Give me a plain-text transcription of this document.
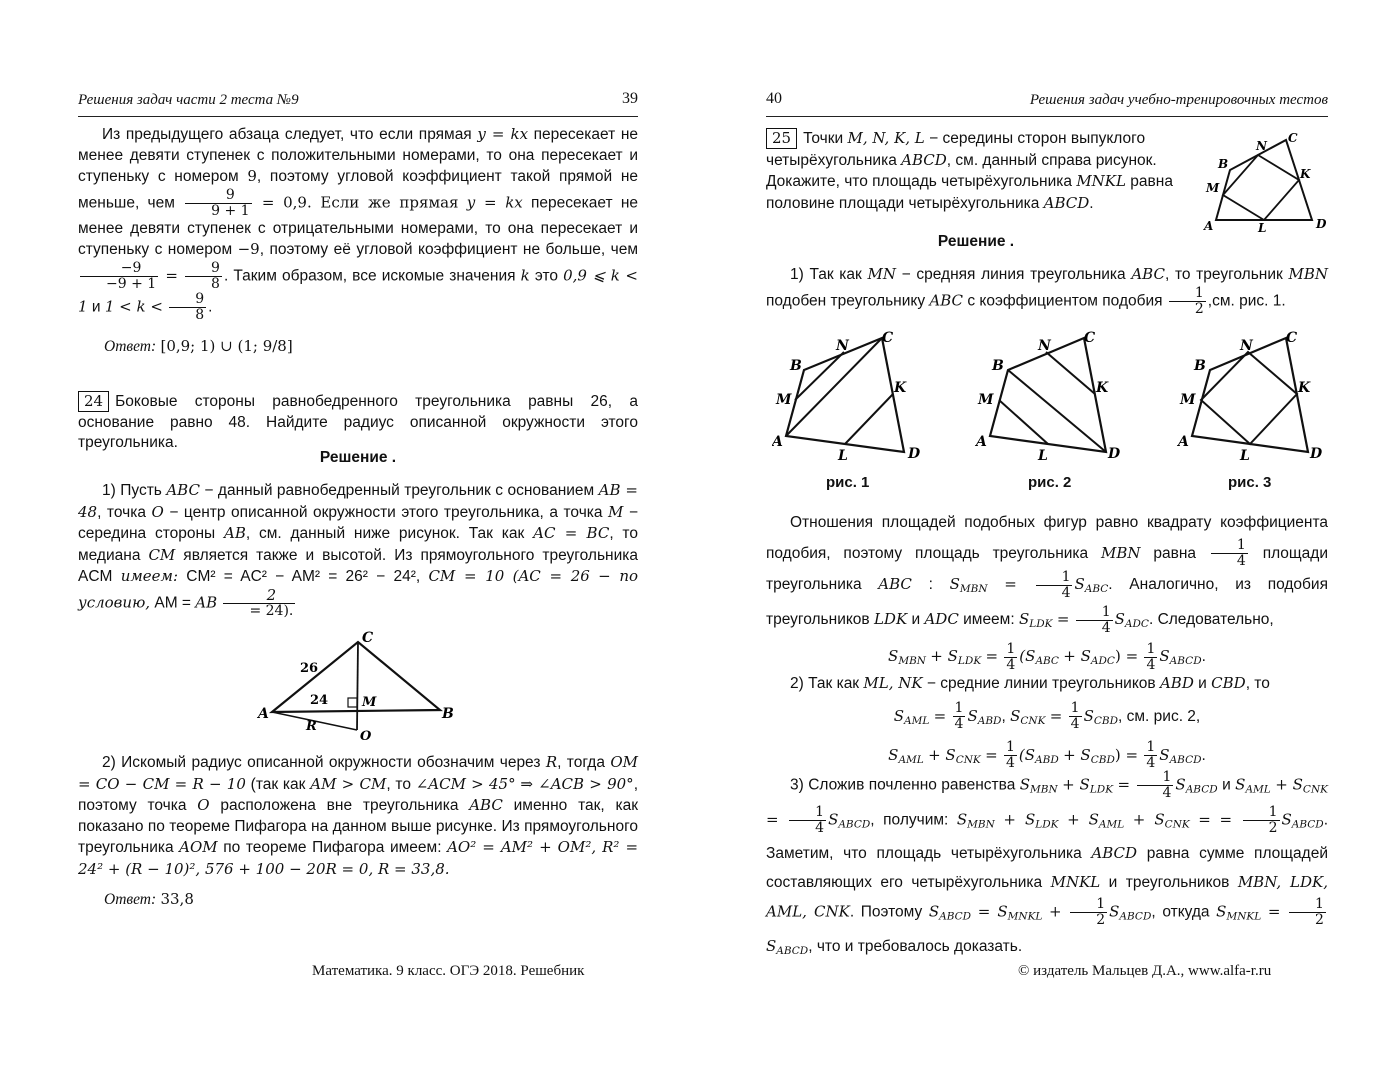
Решения задач части 2 теста №9	39

Из предыдущего абзаца следует, что если прямая y = kx пересекает не менее девяти ступенек с положительными номерами, то она пересекает и ступеньку с номером 9, поэтому угловой коэффициент такой прямой не меньше, чем $\frac{9}{9 + 1} = 0,9$. Если же прямая y = kx пересекает не менее девяти ступенек с отрицательными номерами, то она пересекает и ступеньку с номером −9, поэтому её угловой коэффициент не больше, чем
$\frac{-9}{-9 + 1} = \frac{9}{8}$ . Таким образом, все искомые значения k это 0,9 ⩽ k < 1 и $1 < k < \frac{9}{8}$ .

Ответ: [0,9; 1) ∪ (1; 9/8]

24 Боковые стороны равнобедренного треугольника равны 26, а основание равно 48. Найдите радиус описанной окружности этого треугольника.

Решение .

1) Пусть ABC − данный равнобедренный треугольник с основанием AB = 48, точка O − центр описанной окружности этого треугольника, а точка M − середина стороны AB, см. данный ниже рисунок. Так как AC = BC, то медиана CM является также и высотой. Из прямоугольного треугольника ACM имеем: CM² = AC² − AM² = 26² − 24², CM = 10 (AC = 26 − по условию, AM = AB $\frac{2}{= 24).}$

C
A	B
M
O
R
26
24

2) Искомый радиус описанной окружности обозначим через R, тогда OM = CO − CM = R − 10 (так как AM > CM, то ∠ACM > 45° ⇒ ∠ACB > 90°, поэтому точка O расположена вне треугольника ABC именно так, как показано по теореме Пифагора на данном выше рисунке. Из прямоугольного треугольника AOM по теореме Пифагора имеем: AO² = AM² + OM², R² = 24² + (R − 10)², 576 + 100 − 20R = 0, R = 33,8.

Ответ: 33,8
Математика. 9 класс. ОГЭ 2018. Решебник
40	Решения задач учебно-тренировочных тестов

25 Точки M, N, K, L − середины сторон выпуклого четырёхугольника ABCD, см. данный справа рисунок. Докажите, что площадь четырёхугольника MNKL равна половине площади четырёхугольника ABCD.

A
B
C
D
M
N
K
L
Решение .

1) Так как MN − средняя линия треугольника ABC, то треугольник MBN подобен треугольнику ABC с коэффициентом подобия $\frac{1}{2} ,см$. рис. 1.

A
B
C
D
M
N
K
L
A
B
C
D
M
N
K
L
A
B
C
D
M
N
K
L
рис. 1	рис. 2	рис. 3

Отношения площадей подобных фигур равно квадрату коэффициента подобия, поэтому площадь треугольника MBN равна $\frac{1}{4}$ площади треугольника ABC : $S_{MBN} = \frac{1}{4} S_{ABC}$. Аналогично, из подобия треугольников LDK и ADC имеем: $S_{LDK} = \frac{1}{4} S_{ADC}$. Следовательно,

$S_{MBN} + S_{LDK} = \frac{1}{4} (S_{ABC} + S_{ADC}) = \frac{1}{4} S_{ABCD}$.

2) Так как ML, NK − средние линии треугольников ABD и CBD, то

$S_{AML} = \frac{1}{4} S_{ABD}$, $S_{CNK} = \frac{1}{4} S_{CBD}$, см. рис. 2,
$S_{AML} + S_{CNK} = \frac{1}{4} (S_{ABD} + S_{CBD}) = \frac{1}{4} S_{ABCD}$.

3) Сложив почленно равенства $S_{MBN} + S_{LDK} = \frac{1}{4} S_{ABCD}$ и $S_{AML} + S_{CNK} = \frac{1}{4} S_{ABCD}$, получим: $S_{MBN} + S_{LDK} + S_{AML} + S_{CNK}$ = = $\frac{1}{2} S_{ABCD}$. Заметим, что площадь четырёхугольника ABCD равна сумме площадей составляющих его четырёхугольника MNKL и треугольников MBN, LDK, AML, CNK. Поэтому $S_{ABCD} = S_{MNKL} + \frac{1}{2} S_{ABCD}$, откуда $S_{MNKL} = \frac{1}{2}$
$S_{ABCD}$, что и требовалось доказать.

© издатель Мальцев Д.А., www.alfa-r.ru
